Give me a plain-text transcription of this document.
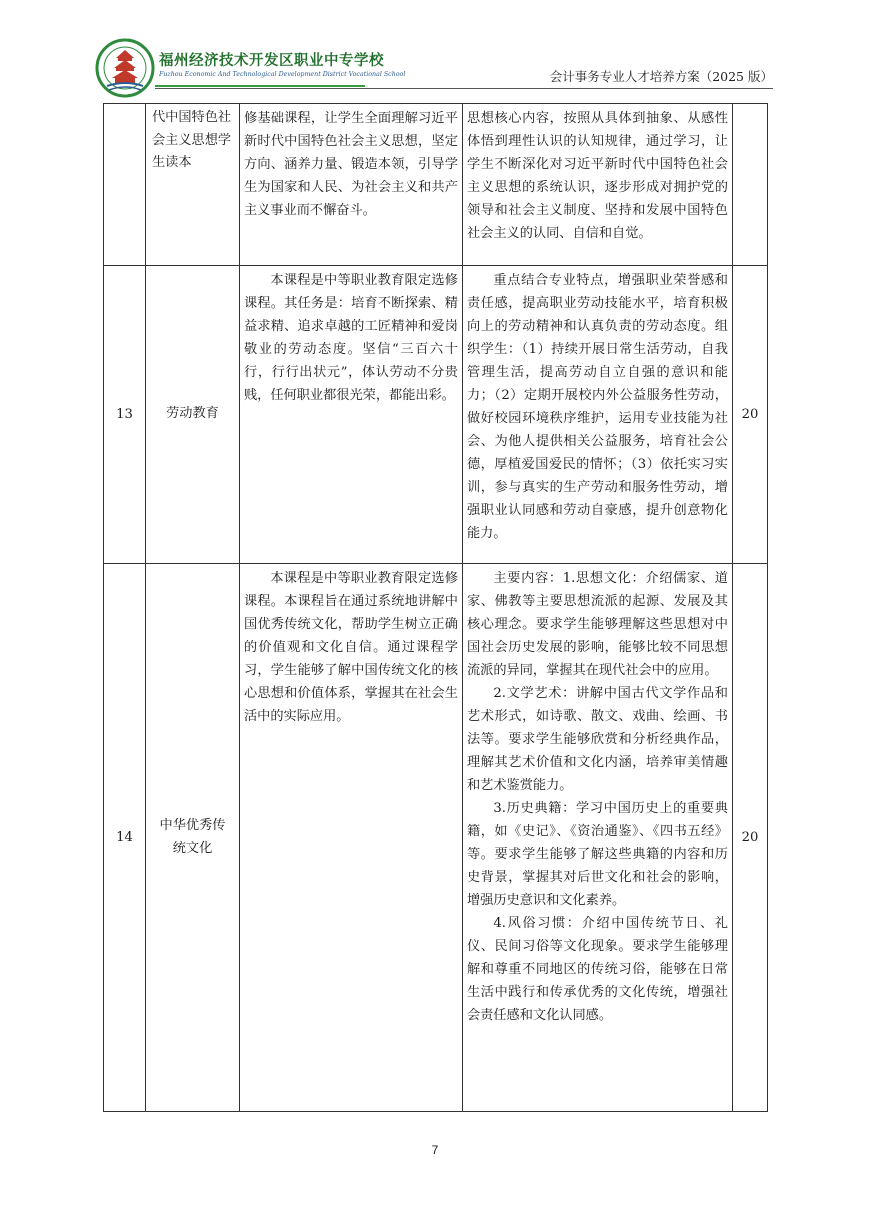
福州经济技术开发区职业中专学校
Fuzhou Economic And Technological Development District Vocational School	会计事务专业人才培养方案（2025 版）
	代中国特色社会主义思想学生读本	修基础课程，让学生全面理解习近平新时代中国特色社会主义思想，坚定方向、涵养力量、锻造本领，引导学生为国家和人民、为社会主义和共产主义事业而不懈奋斗。	思想核心内容，按照从具体到抽象、从感性体悟到理性认识的认知规律，通过学习，让学生不断深化对习近平新时代中国特色社会主义思想的系统认识，逐步形成对拥护党的领导和社会主义制度、坚持和发展中国特色社会主义的认同、自信和自觉。	

13	劳动教育	本课程是中等职业教育限定选修课程。其任务是：培育不断探索、精益求精、追求卓越的工匠精神和爱岗敬业的劳动态度。坚信“三百六十行，行行出状元”，体认劳动不分贵贱，任何职业都很光荣，都能出彩。	重点结合专业特点，增强职业荣誉感和责任感，提高职业劳动技能水平，培育积极向上的劳动精神和认真负责的劳动态度。组织学生：（1）持续开展日常生活劳动，自我管理生活，提高劳动自立自强的意识和能力；（2）定期开展校内外公益服务性劳动，做好校园环境秩序维护，运用专业技能为社会、为他人提供相关公益服务，培育社会公德，厚植爱国爱民的情怀；（3）依托实习实训，参与真实的生产劳动和服务性劳动，增强职业认同感和劳动自豪感，提升创意物化能力。	20
14	中华优秀传统文化	本课程是中等职业教育限定选修课程。本课程旨在通过系统地讲解中国优秀传统文化，帮助学生树立正确的价值观和文化自信。通过课程学习，学生能够了解中国传统文化的核心思想和价值体系，掌握其在社会生活中的实际应用。	主要内容：1.思想文化：介绍儒家、道家、佛教等主要思想流派的起源、发展及其核心理念。要求学生能够理解这些思想对中国社会历史发展的影响，能够比较不同思想流派的异同，掌握其在现代社会中的应用。

2.文学艺术：讲解中国古代文学作品和艺术形式，如诗歌、散文、戏曲、绘画、书法等。要求学生能够欣赏和分析经典作品，理解其艺术价值和文化内涵，培养审美情趣和艺术鉴赏能力。

3.历史典籍：学习中国历史上的重要典籍，如《史记》、《资治通鉴》、《四书五经》等。要求学生能够了解这些典籍的内容和历史背景，掌握其对后世文化和社会的影响，增强历史意识和文化素养。

4.风俗习惯：介绍中国传统节日、礼仪、民间习俗等文化现象。要求学生能够理解和尊重不同地区的传统习俗，能够在日常生活中践行和传承优秀的文化传统，增强社会责任感和文化认同感。	20
7
